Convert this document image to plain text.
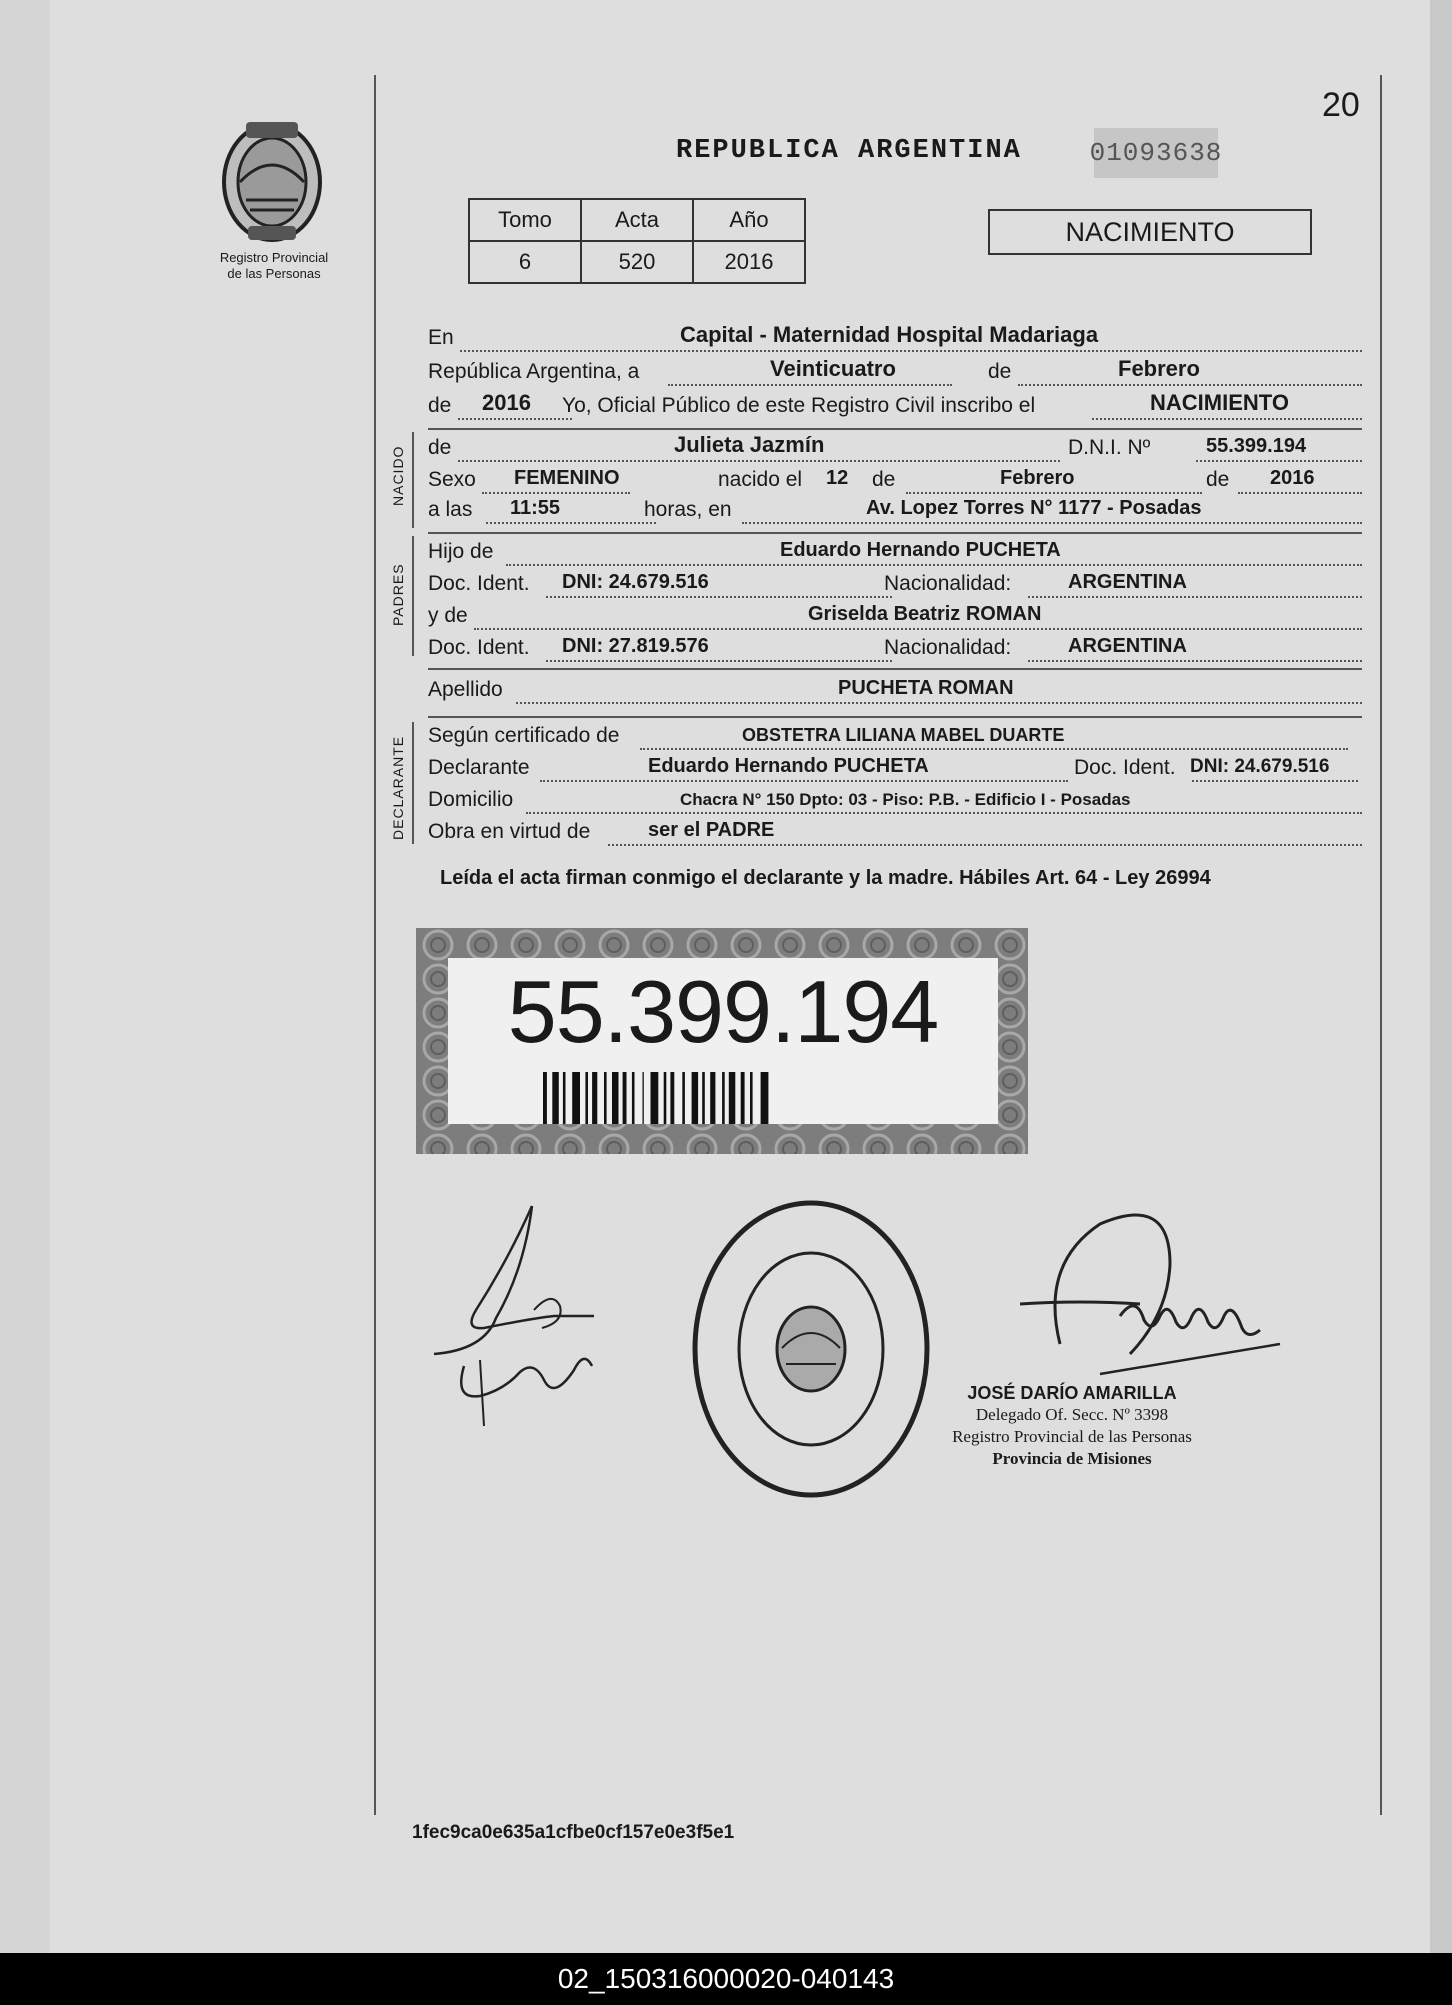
20
Registro Provincial
de las Personas
REPUBLICA ARGENTINA	01093638
Tomo	Acta	Año
6	520	2016
NACIMIENTO
En	Capital - Maternidad Hospital Madariaga
República Argentina, a	Veinticuatro	de	Febrero
de 2016 Yo, Oficial Público de este Registro Civil inscribo el	NACIMIENTO
NACIDO de	Julieta Jazmín	D.N.I. Nº	55.399.194
Sexo FEMENINO	nacido el 12 de	Febrero	de 2016
a las 11:55	horas, en	Av. Lopez Torres N° 1177 - Posadas
PADRES
Hijo de	Eduardo Hernando PUCHETA
Doc. Ident. DNI: 24.679.516	Nacionalidad:	ARGENTINA
y de	Griselda Beatriz ROMAN
Doc. Ident. DNI: 27.819.576	Nacionalidad:	ARGENTINA
Apellido	PUCHETA ROMAN
DECLARANTE
Según certificado de	OBSTETRA LILIANA MABEL DUARTE
Declarante	Eduardo Hernando PUCHETA	Doc. Ident. DNI: 24.679.516
Domicilio	Chacra N° 150 Dpto: 03 - Piso: P.B. - Edificio I - Posadas
Obra en virtud de	ser el PADRE
Leída el acta firman conmigo el declarante y la madre. Hábiles Art. 64 - Ley 26994
55.399.194
JOSÉ DARÍO AMARILLA
Delegado Of. Secc. Nº 3398
Registro Provincial de las Personas
Provincia de Misiones
1fec9ca0e635a1cfbe0cf157e0e3f5e1
02_150316000020-040143
